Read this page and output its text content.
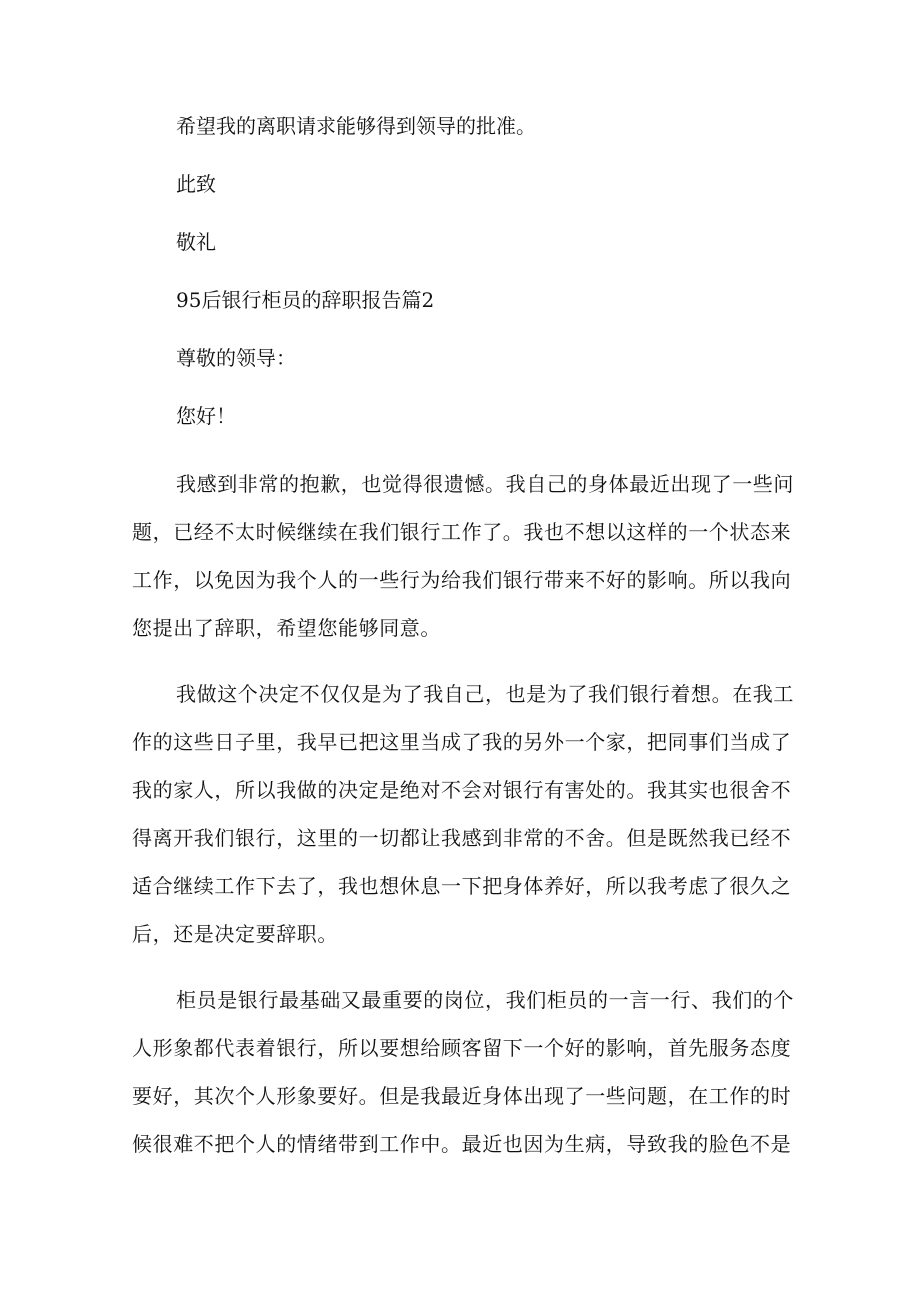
希望我的离职请求能够得到领导的批准。

此致

敬礼

95后银行柜员的辞职报告篇2

尊敬的领导：

您好！

我感到非常的抱歉，也觉得很遗憾。我自己的身体最近出现了一些问
题，已经不太时候继续在我们银行工作了。我也不想以这样的一个状态来
工作，以免因为我个人的一些行为给我们银行带来不好的影响。所以我向
您提出了辞职，希望您能够同意。
我做这个决定不仅仅是为了我自己，也是为了我们银行着想。在我工
作的这些日子里，我早已把这里当成了我的另外一个家，把同事们当成了
我的家人，所以我做的决定是绝对不会对银行有害处的。我其实也很舍不
得离开我们银行，这里的一切都让我感到非常的不舍。但是既然我已经不
适合继续工作下去了，我也想休息一下把身体养好，所以我考虑了很久之
后，还是决定要辞职。
柜员是银行最基础又最重要的岗位，我们柜员的一言一行、我们的个
人形象都代表着银行，所以要想给顾客留下一个好的影响，首先服务态度
要好，其次个人形象要好。但是我最近身体出现了一些问题，在工作的时
候很难不把个人的情绪带到工作中。最近也因为生病，导致我的脸色不是
